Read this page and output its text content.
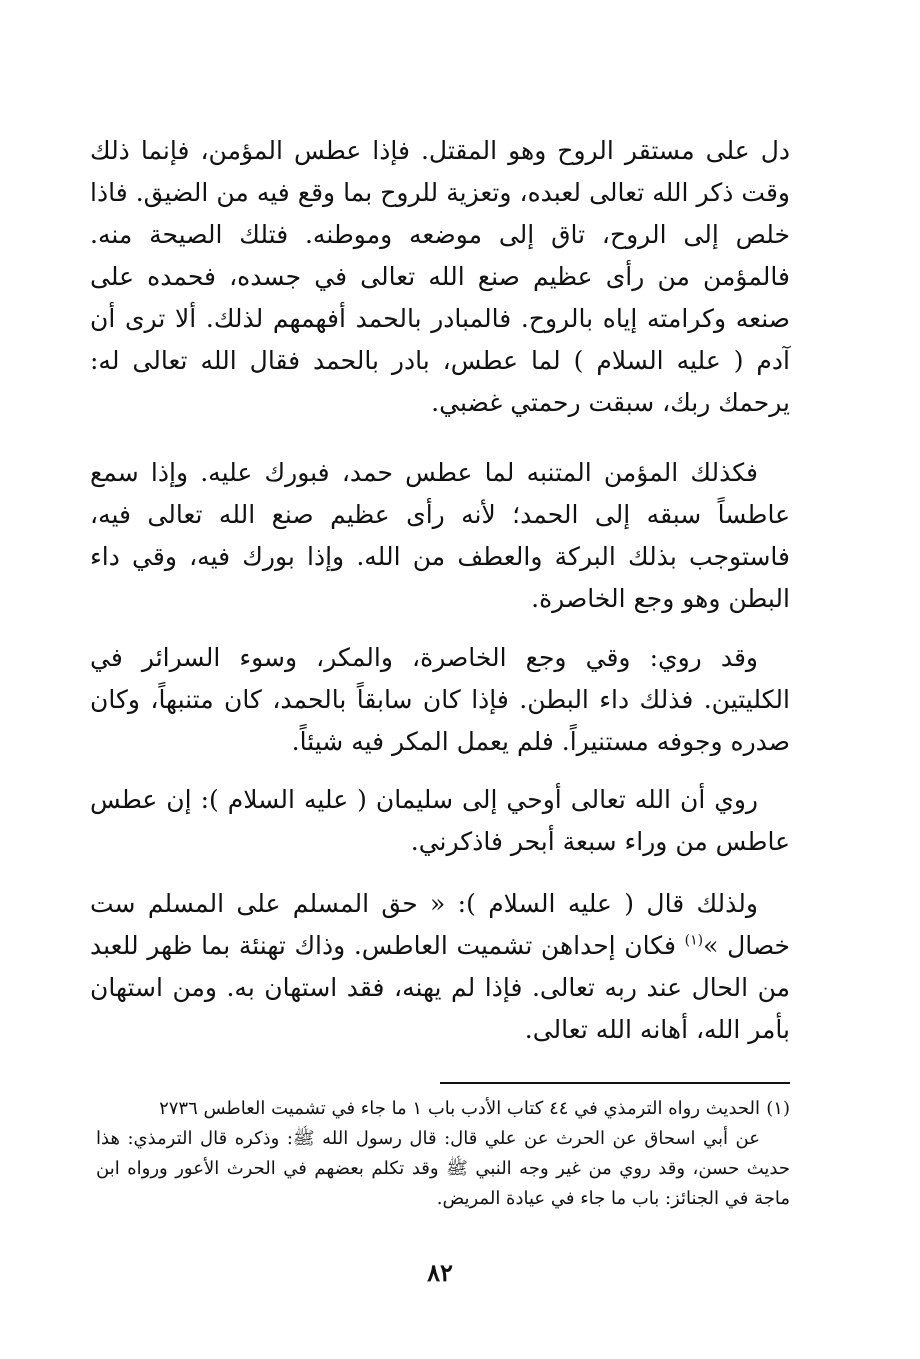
دل على مستقر الروح وهو المقتل. فإذا عطس المؤمن، فإنما ذلك وقت ذكر الله تعالى لعبده، وتعزية للروح بما وقع فيه من الضيق. فاذا خلص إلى الروح، تاق إلى موضعه وموطنه. فتلك الصيحة منه. فالمؤمن من رأى عظيم صنع الله تعالى في جسده، فحمده على صنعه وكرامته إياه بالروح. فالمبادر بالحمد أفهمهم لذلك. ألا ترى أن آدم ( عليه السلام ) لما عطس، بادر بالحمد فقال الله تعالى له: يرحمك ربك، سبقت رحمتي غضبي.

فكذلك المؤمن المتنبه لما عطس حمد، فبورك عليه. وإذا سمع عاطساً سبقه إلى الحمد؛ لأنه رأى عظيم صنع الله تعالى فيه، فاستوجب بذلك البركة والعطف من الله. وإذا بورك فيه، وقي داء البطن وهو وجع الخاصرة.

وقد روي: وقي وجع الخاصرة، والمكر، وسوء السرائر في الكليتين. فذلك داء البطن. فإذا كان سابقاً بالحمد، كان متنبهاً، وكان صدره وجوفه مستنيراً. فلم يعمل المكر فيه شيئاً.

روي أن الله تعالى أوحي إلى سليمان ( عليه السلام ): إن عطس عاطس من وراء سبعة أبحر فاذكرني.

ولذلك قال ( عليه السلام ): « حق المسلم على المسلم ست خصال »$^{(١)}$ فكان إحداهن تشميت العاطس. وذاك تهنئة بما ظهر للعبد من الحال عند ربه تعالى. فإذا لم يهنه، فقد استهان به. ومن استهان بأمر الله، أهانه الله تعالى.

(١)الحديث رواه الترمذي في ٤٤ كتاب الأدب باب ١ ما جاء في تشميت العاطس ٢٧٣٦
عن أبي اسحاق عن الحرث عن علي قال: قال رسول الله ﷺ: وذكره قال الترمذي: هذا حديث حسن، وقد روي من غير وجه النبي ﷺ وقد تكلم بعضهم في الحرث الأعور ورواه ابن ماجة في الجنائز: باب ما جاء في عيادة المريض.

٨٢
